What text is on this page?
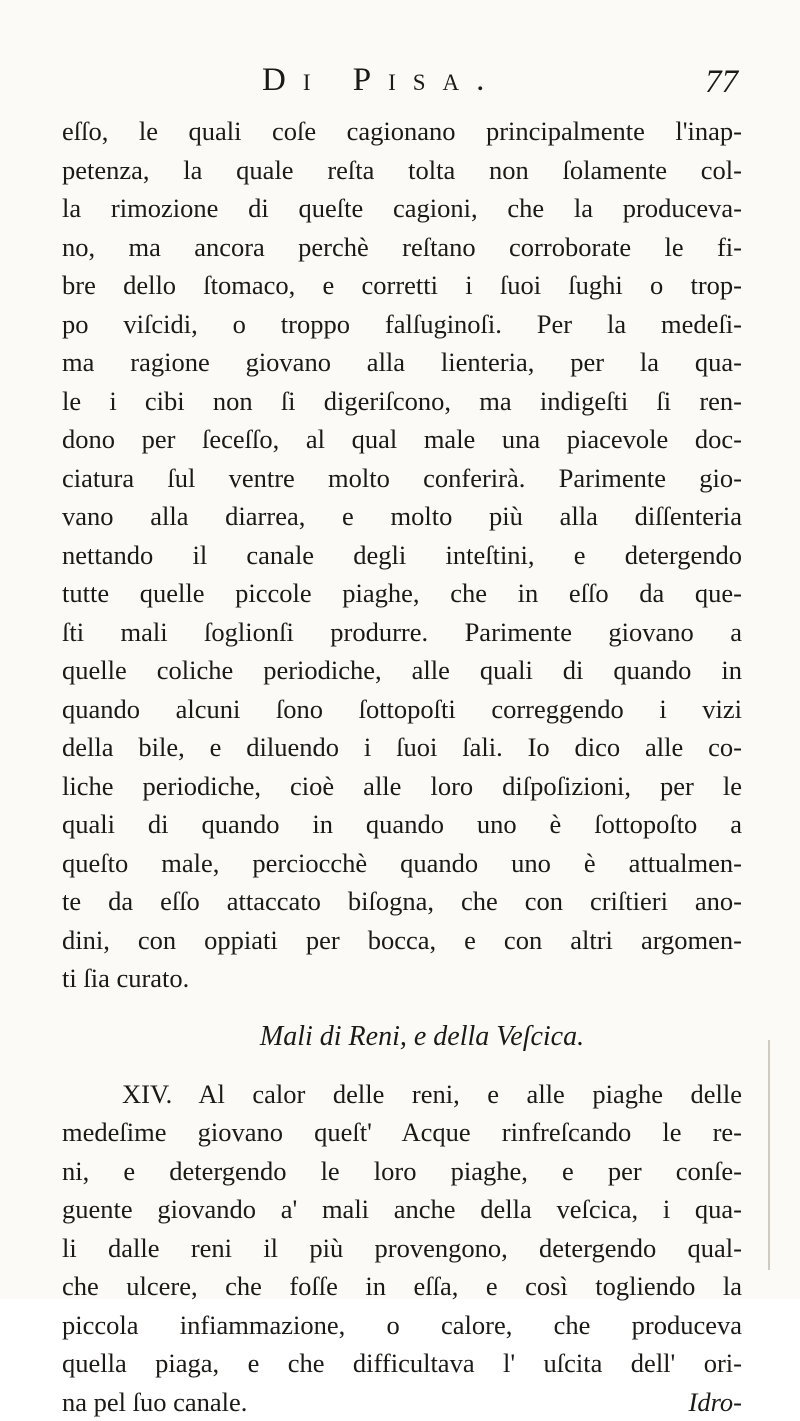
Di Pisa.	77
eſſo, le quali coſe cagionano principalmente l'inap-
petenza, la quale reſta tolta non ſolamente col-
la rimozione di queſte cagioni, che la produceva-
no, ma ancora perchè reſtano corroborate le fi-
bre dello ſtomaco, e corretti i ſuoi ſughi o trop-
po viſcidi, o troppo falſuginoſi. Per la medeſi-
ma ragione giovano alla lienteria, per la qua-
le i cibi non ſi digeriſcono, ma indigeſti ſi ren-
dono per ſeceſſo, al qual male una piacevole doc-
ciatura ſul ventre molto conferirà. Parimente gio-
vano alla diarrea, e molto più alla diſſenteria
nettando il canale degli inteſtini, e detergendo
tutte quelle piccole piaghe, che in eſſo da que-
ſti mali ſoglionſi produrre. Parimente giovano a
quelle coliche periodiche, alle quali di quando in
quando alcuni ſono ſottopoſti correggendo i vizi
della bile, e diluendo i ſuoi ſali. Io dico alle co-
liche periodiche, cioè alle loro diſpoſizioni, per le
quali di quando in quando uno è ſottopoſto a
queſto male, perciocchè quando uno è attualmen-
te da eſſo attaccato biſogna, che con criſtieri ano-
dini, con oppiati per bocca, e con altri argomen-
ti ſia curato.
Mali di Reni, e della Veſcica.
XIV. Al calor delle reni, e alle piaghe delle
medeſime giovano queſt' Acque rinfreſcando le re-
ni, e detergendo le loro piaghe, e per conſe-
guente giovando a' mali anche della veſcica, i qua-
li dalle reni il più provengono, detergendo qual-
che ulcere, che foſſe in eſſa, e così togliendo la
piccola infiammazione, o calore, che produceva
quella piaga, e che difficultava l' uſcita dell' ori-
na pel ſuo canale.	Idro-
